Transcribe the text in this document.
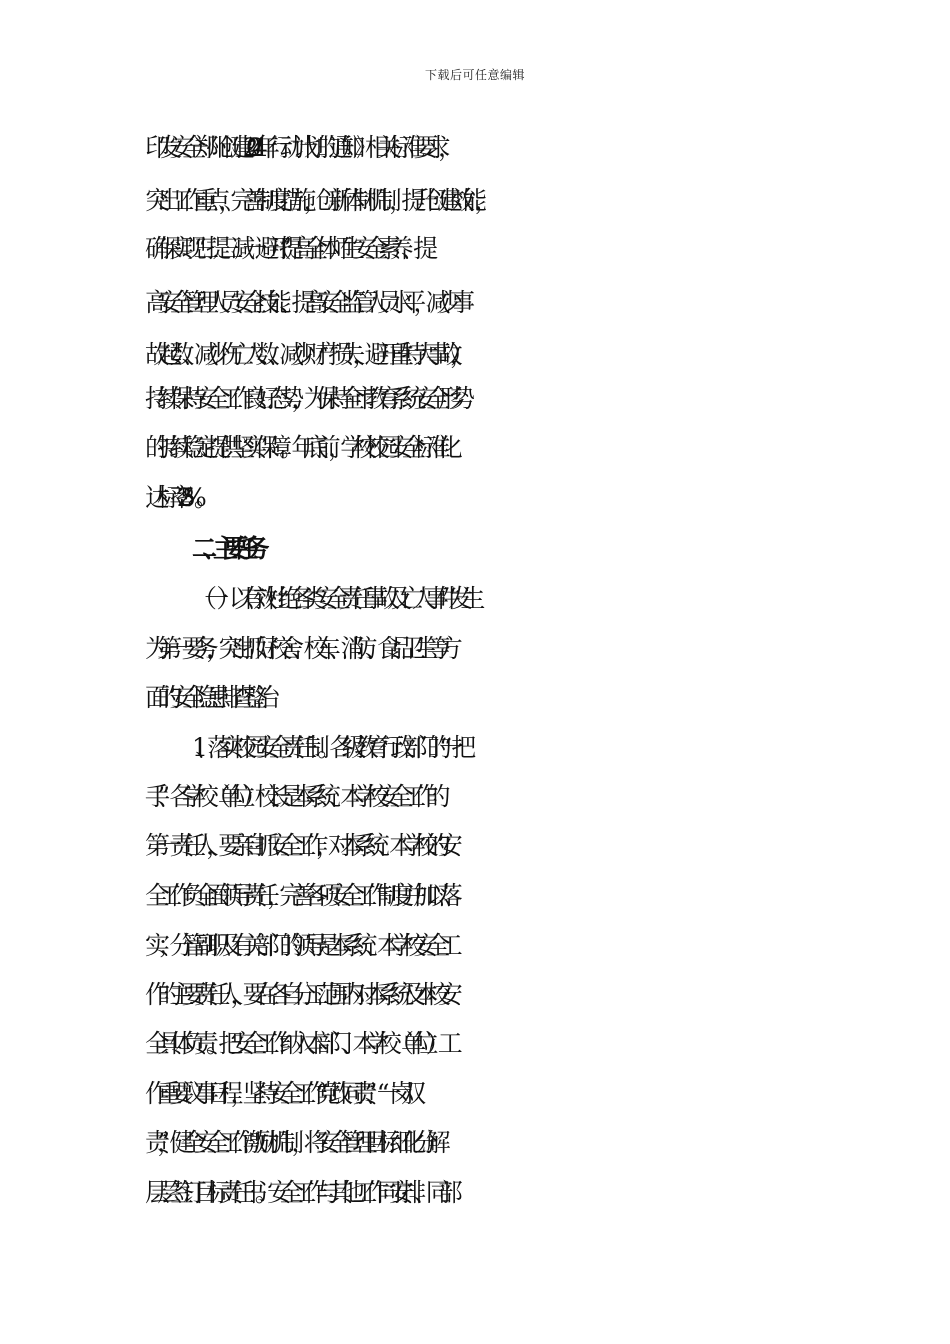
下载后可任意编辑
印发安全郑州创建2024年行动计划的通知》相关标准要求，
突出工作重点，完善制度措施，创新体制机制，提升创建效能，
确保实现“三提三减一避开”（提高全体师生安全素养、提
高安全管理人员安全技能、提高安全监管人员水平，减少事
故起数、减少伤亡人数、减少财产损失，避开重特大事故），
持续保持安全工作良好态势，为保持全市教育系统安全形势
的持续稳定提供坚实保障。年底前，学校校园安全标准化
达标率 25%。
二、主要任务
（一）以有效杜绝各类安全责任事故及亡人事件发生
为第一要务，突出抓好校舍、校车、消防、食品卫生等方
面的安全隐患排查整治
1、落实校园安全责任制。各级教育行政部门的“一把
手”、各学校（单位）校长是本系统、本学校安全工作的
第一责任人，要亲自抓安全工作，对本系统、本学校的安
全工作负全面领导责任，完善各项安全工作制度并加以落
实；分管副职及有关部门的领导是本系统、本学校安全工
作的主要责任人，要在各自分工范围内对本系统及本校安
全具体负责。把安全工作纳入本部门、本学校（单位）工
作重要议事日程，坚持安全工作“党政同责”、“一岗双
责”，健全安全工作激励机制，将安全管理目标细化分解
层层签订目标责任书。安全工作与其他工作同安排、同部
